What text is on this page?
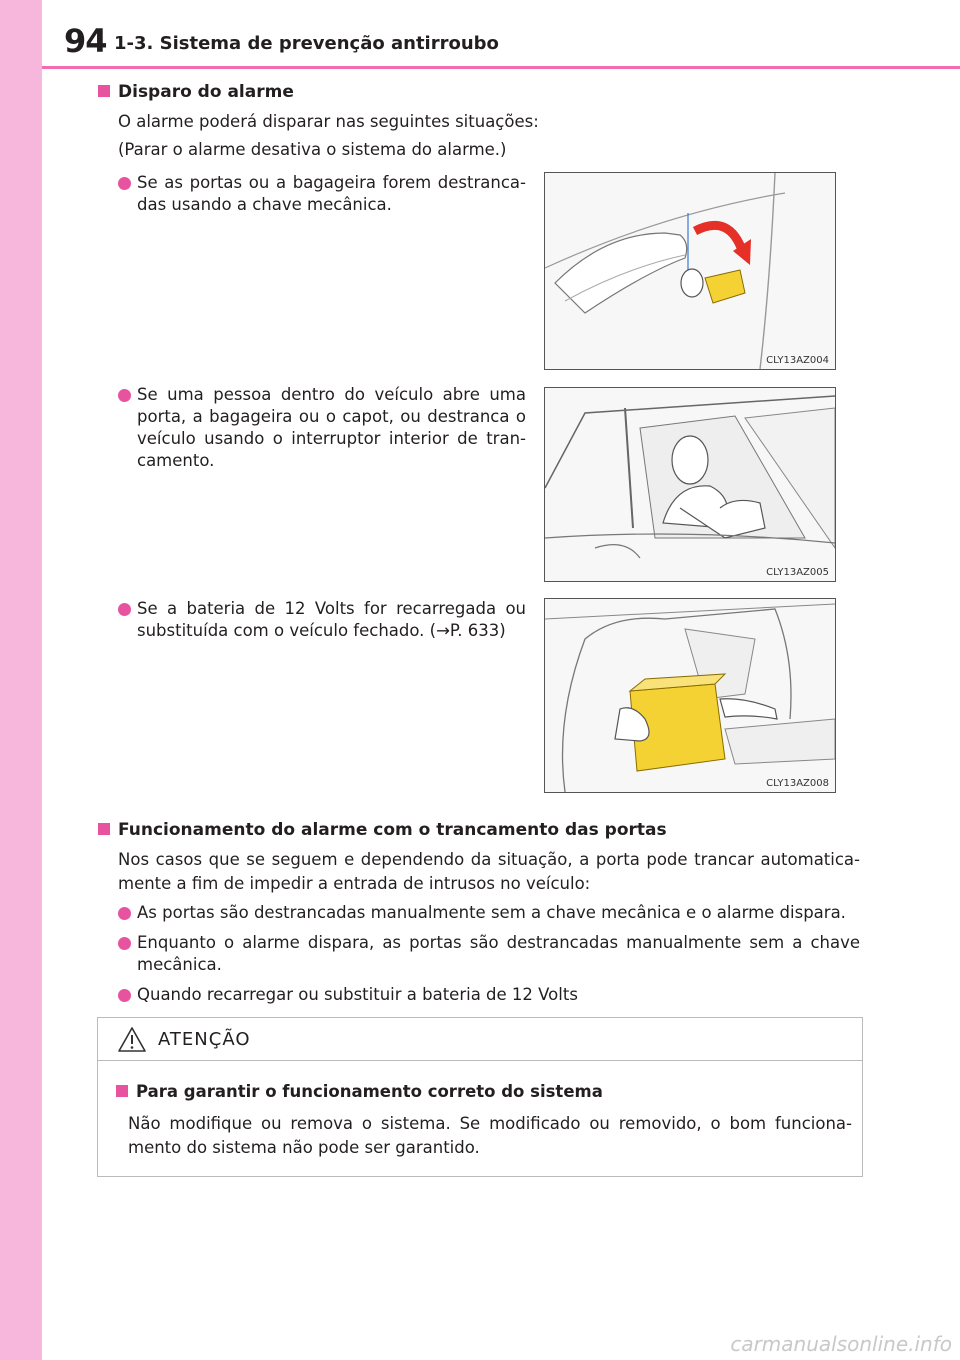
94 1-3. Sistema de prevenção antirroubo
Disparo do alarme
O alarme poderá disparar nas seguintes situações:
(Parar o alarme desativa o sistema do alarme.)
Se as portas ou a bagageira forem destranca-das usando a chave mecânica.
Se uma pessoa dentro do veículo abre uma porta, a bagageira ou o capot, ou destranca o veículo usando o interruptor interior de tran-camento.
Se a bateria de 12 Volts for recarregada ou substituída com o veículo fechado. (→P. 633)
CLY13AZ004
CLY13AZ005
CLY13AZ008
Funcionamento do alarme com o trancamento das portas
Nos casos que se seguem e dependendo da situação, a porta pode trancar automatica-mente a fim de impedir a entrada de intrusos no veículo:
As portas são destrancadas manualmente sem a chave mecânica e o alarme dispara.
Enquanto o alarme dispara, as portas são destrancadas manualmente sem a chave mecânica.
Quando recarregar ou substituir a bateria de 12 Volts
ATENÇÃO
Para garantir o funcionamento correto do sistema
Não modifique ou remova o sistema. Se modificado ou removido, o bom funciona-mento do sistema não pode ser garantido.
carmanualsonline.info
